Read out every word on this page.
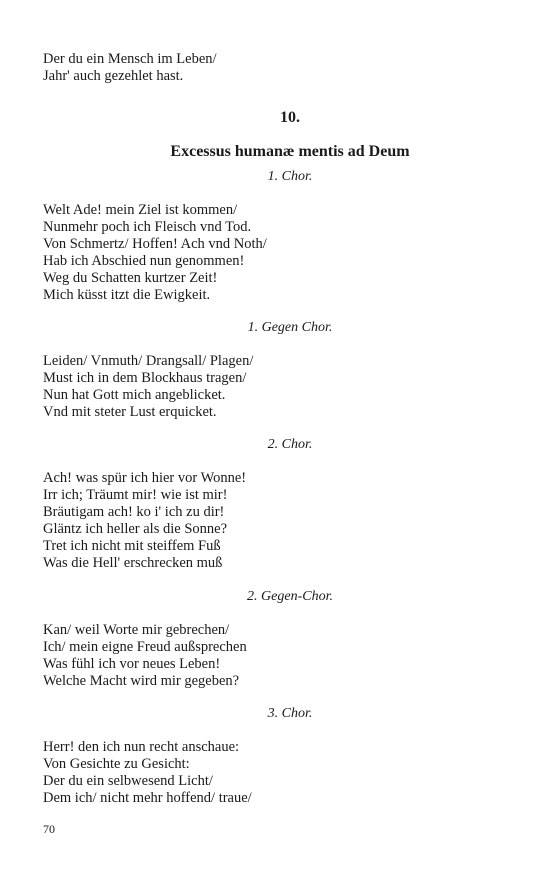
Der du ein Mensch im Leben/
Jahr' auch gezehlet hast.
10.
Excessus humanæ mentis ad Deum
1. Chor.
Welt Ade! mein Ziel ist kommen/
Nunmehr poch ich Fleisch vnd Tod.
Von Schmertz/ Hoffen! Ach vnd Noth/
Hab ich Abschied nun genommen!
Weg du Schatten kurtzer Zeit!
Mich küsst itzt die Ewigkeit.
1. Gegen Chor.
Leiden/ Vnmuth/ Drangsall/ Plagen/
Must ich in dem Blockhaus tragen/
Nun hat Gott mich angeblicket.
Vnd mit steter Lust erquicket.
2. Chor.
Ach! was spür ich hier vor Wonne!
Irr ich; Träumt mir! wie ist mir!
Bräutigam ach! ko i' ich zu dir!
Gläntz ich heller als die Sonne?
Tret ich nicht mit steiffem Fuß
Was die Hell' erschrecken muß
2. Gegen-Chor.
Kan/ weil Worte mir gebrechen/
Ich/ mein eigne Freud außsprechen
Was fühl ich vor neues Leben!
Welche Macht wird mir gegeben?
3. Chor.
Herr! den ich nun recht anschaue:
Von Gesichte zu Gesicht:
Der du ein selbwesend Licht/
Dem ich/ nicht mehr hoffend/ traue/
70
